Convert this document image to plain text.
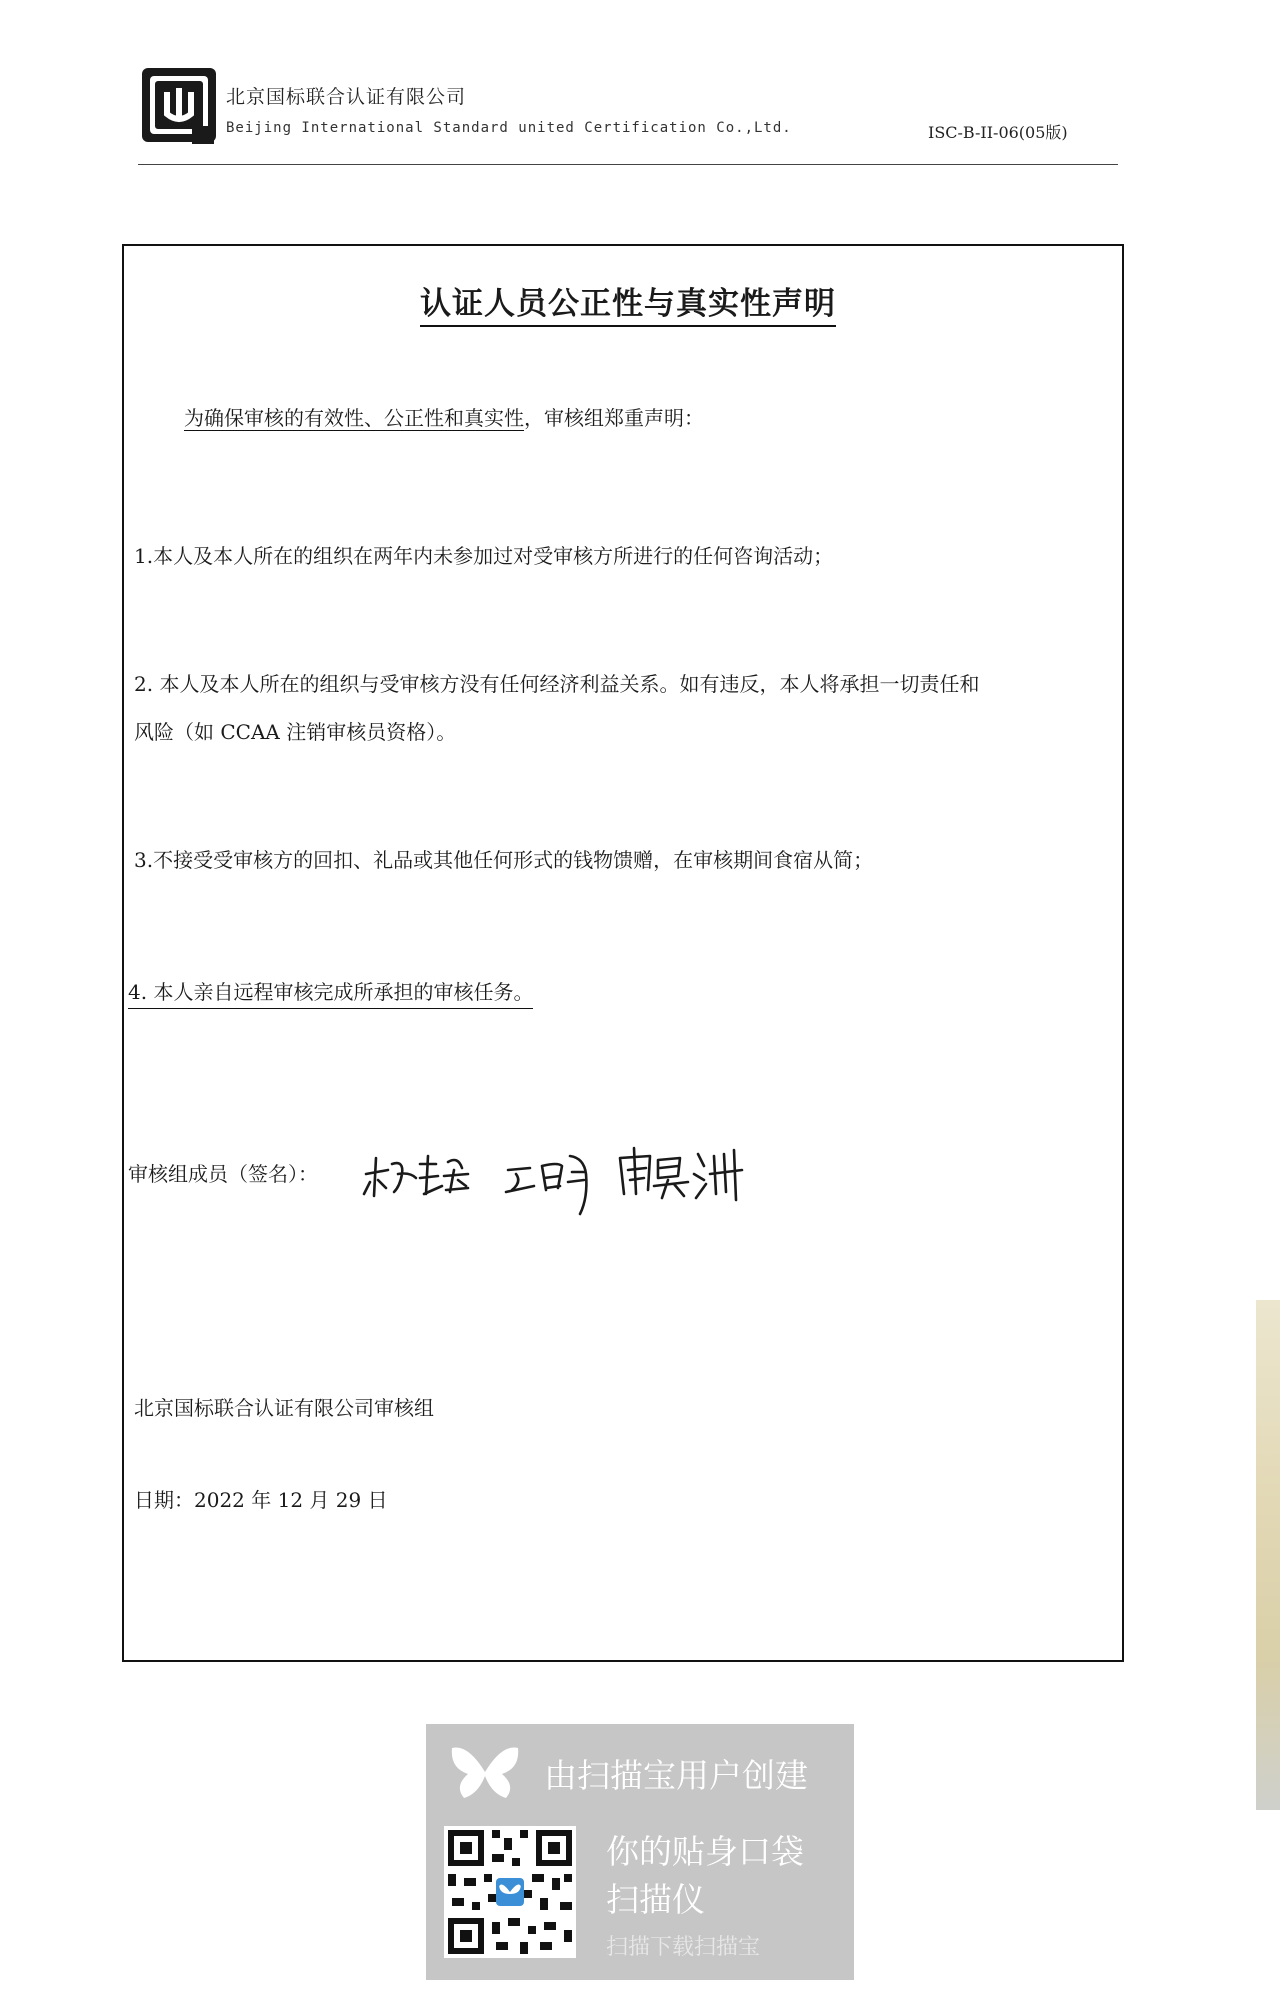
北京国标联合认证有限公司
Beijing International Standard united Certification Co.,Ltd.	ISC-B-II-06(05版)
认证人员公正性与真实性声明
为确保审核的有效性、公正性和真实性，审核组郑重声明：
1.本人及本人所在的组织在两年内未参加过对受审核方所进行的任何咨询活动；
2. 本人及本人所在的组织与受审核方没有任何经济利益关系。如有违反，本人将承担一切责任和
风险（如 CCAA 注销审核员资格）。
3.不接受受审核方的回扣、礼品或其他任何形式的钱物馈赠，在审核期间食宿从简；
4. 本人亲自远程审核完成所承担的审核任务。
审核组成员（签名）：
北京国标联合认证有限公司审核组
日期：2022 年 12 月 29 日
由扫描宝用户创建
你的贴身口袋
扫描仪
扫描下载扫描宝
